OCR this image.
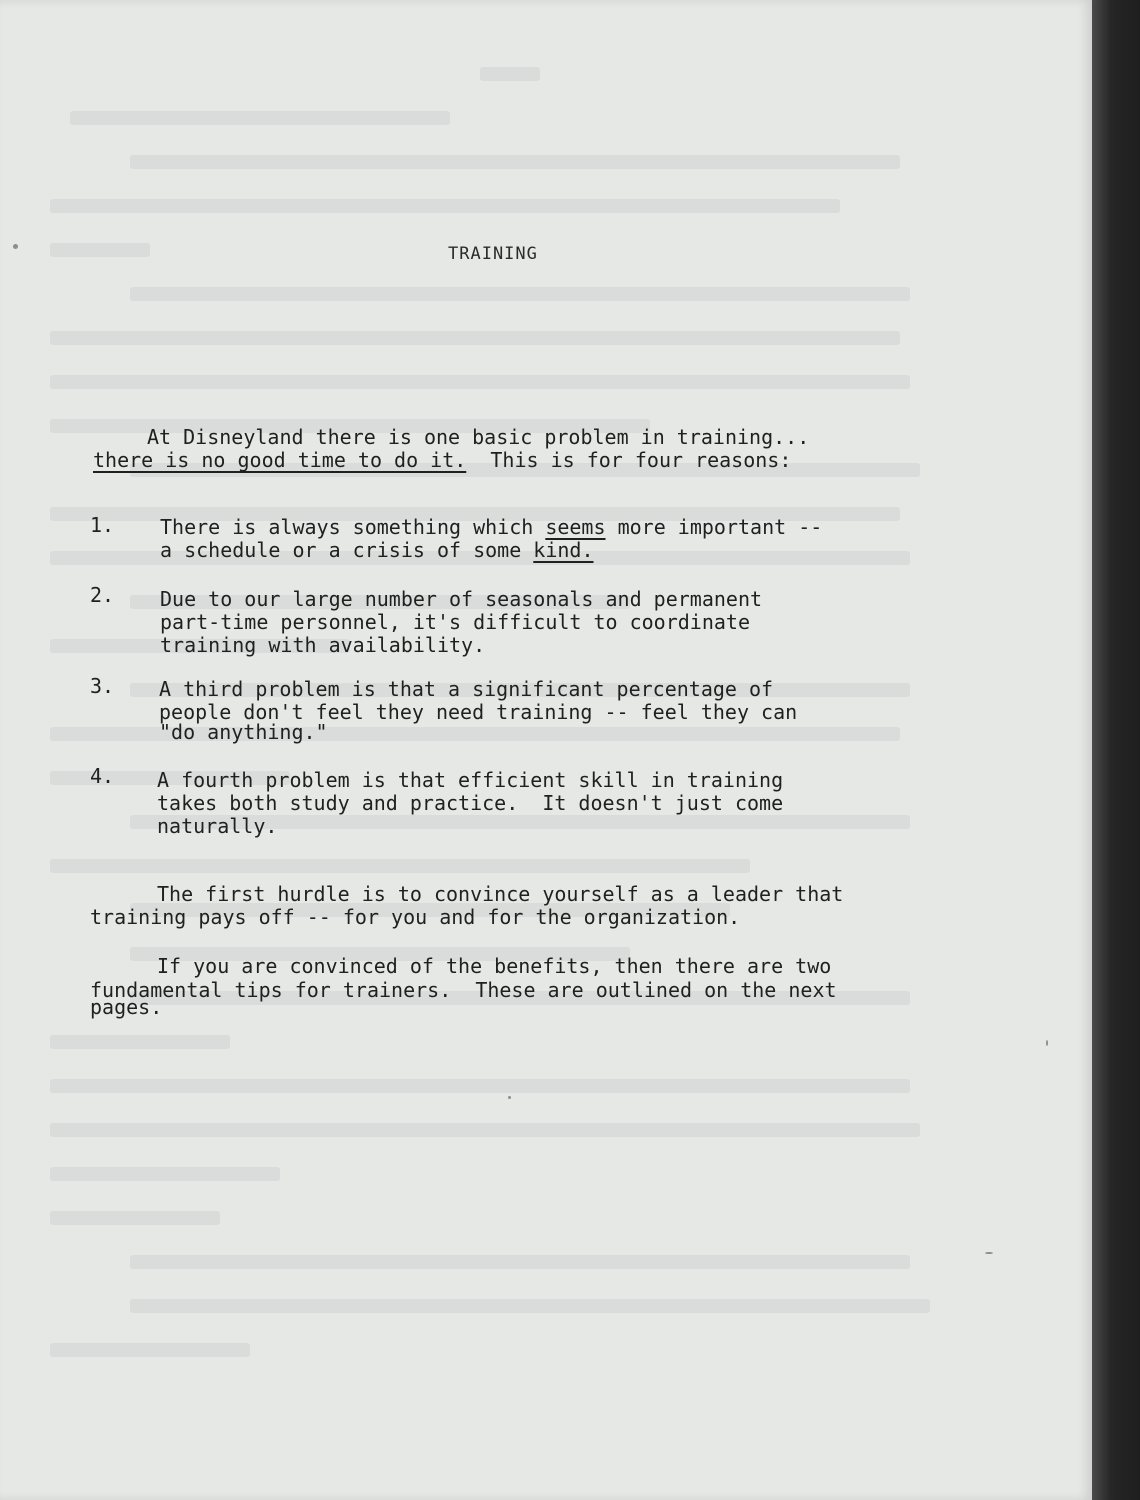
TRAINING
At Disneyland there is one basic problem in training...
there is no good time to do it.  This is for four reasons:
1. There is always something which seems more important --
a schedule or a crisis of some kind.
2. Due to our large number of seasonals and permanent
part-time personnel, it's difficult to coordinate
training with availability.
3. A third problem is that a significant percentage of
people don't feel they need training -- feel they can
"do anything."
4. A fourth problem is that efficient skill in training
takes both study and practice.  It doesn't just come
naturally.
The first hurdle is to convince yourself as a leader that
training pays off -- for you and for the organization.
If you are convinced of the benefits, then there are two
fundamental tips for trainers.  These are outlined on the next
pages.
